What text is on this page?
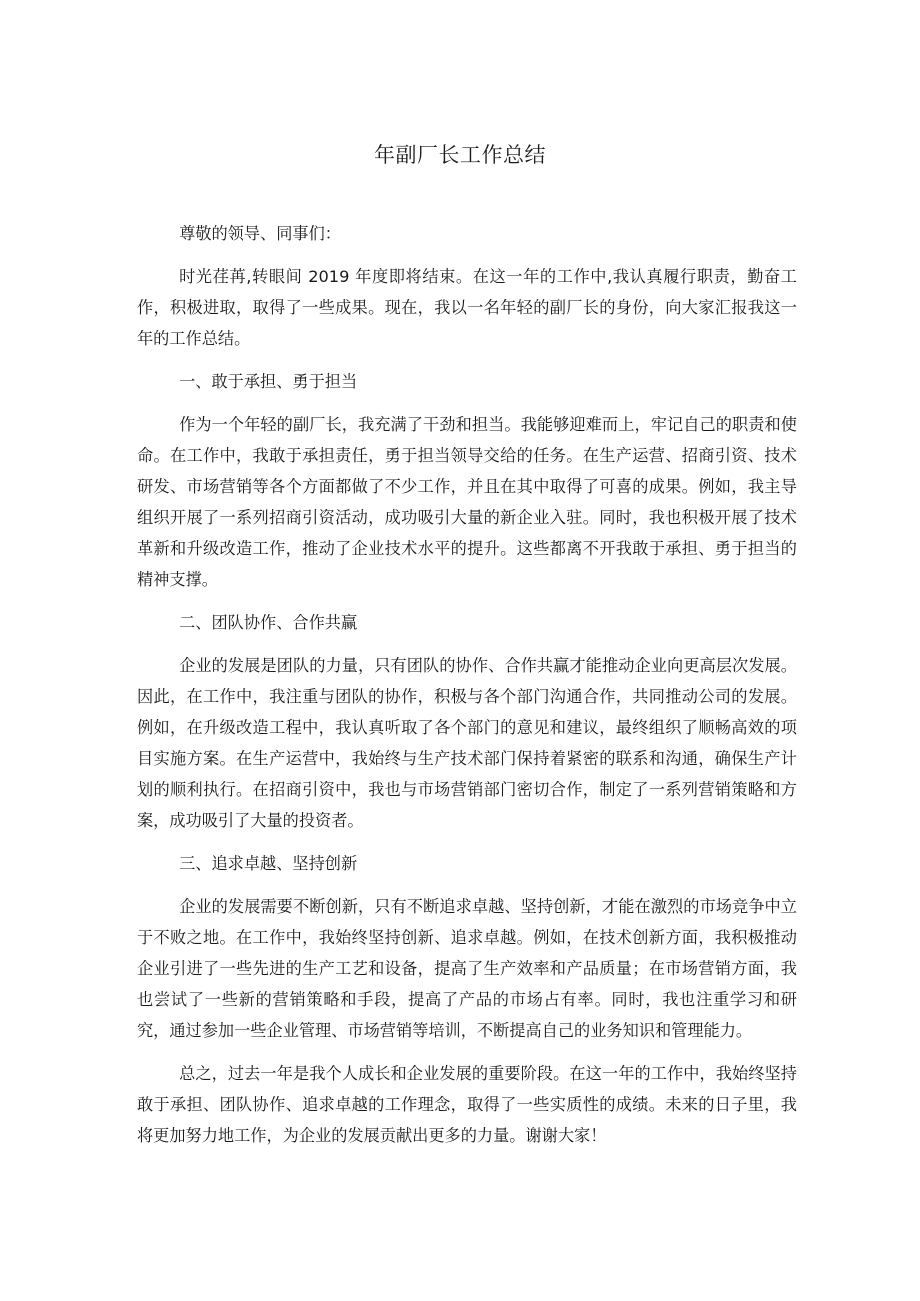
年副厂长工作总结

尊敬的领导、同事们：

时光荏苒,转眼间 2019 年度即将结束。在这一年的工作中,我认真履行职责，勤奋工作，积极进取，取得了一些成果。现在，我以一名年轻的副厂长的身份，向大家汇报我这一年的工作总结。

一、敢于承担、勇于担当

作为一个年轻的副厂长，我充满了干劲和担当。我能够迎难而上，牢记自己的职责和使命。在工作中，我敢于承担责任，勇于担当领导交给的任务。在生产运营、招商引资、技术研发、市场营销等各个方面都做了不少工作，并且在其中取得了可喜的成果。例如，我主导组织开展了一系列招商引资活动，成功吸引大量的新企业入驻。同时，我也积极开展了技术革新和升级改造工作，推动了企业技术水平的提升。这些都离不开我敢于承担、勇于担当的精神支撑。

二、团队协作、合作共赢

企业的发展是团队的力量，只有团队的协作、合作共赢才能推动企业向更高层次发展。因此，在工作中，我注重与团队的协作，积极与各个部门沟通合作，共同推动公司的发展。例如，在升级改造工程中，我认真听取了各个部门的意见和建议，最终组织了顺畅高效的项目实施方案。在生产运营中，我始终与生产技术部门保持着紧密的联系和沟通，确保生产计划的顺利执行。在招商引资中，我也与市场营销部门密切合作，制定了一系列营销策略和方案，成功吸引了大量的投资者。

三、追求卓越、坚持创新

企业的发展需要不断创新，只有不断追求卓越、坚持创新，才能在激烈的市场竞争中立于不败之地。在工作中，我始终坚持创新、追求卓越。例如，在技术创新方面，我积极推动企业引进了一些先进的生产工艺和设备，提高了生产效率和产品质量；在市场营销方面，我也尝试了一些新的营销策略和手段，提高了产品的市场占有率。同时，我也注重学习和研究，通过参加一些企业管理、市场营销等培训，不断提高自己的业务知识和管理能力。

总之，过去一年是我个人成长和企业发展的重要阶段。在这一年的工作中，我始终坚持敢于承担、团队协作、追求卓越的工作理念，取得了一些实质性的成绩。未来的日子里，我将更加努力地工作，为企业的发展贡献出更多的力量。谢谢大家！
